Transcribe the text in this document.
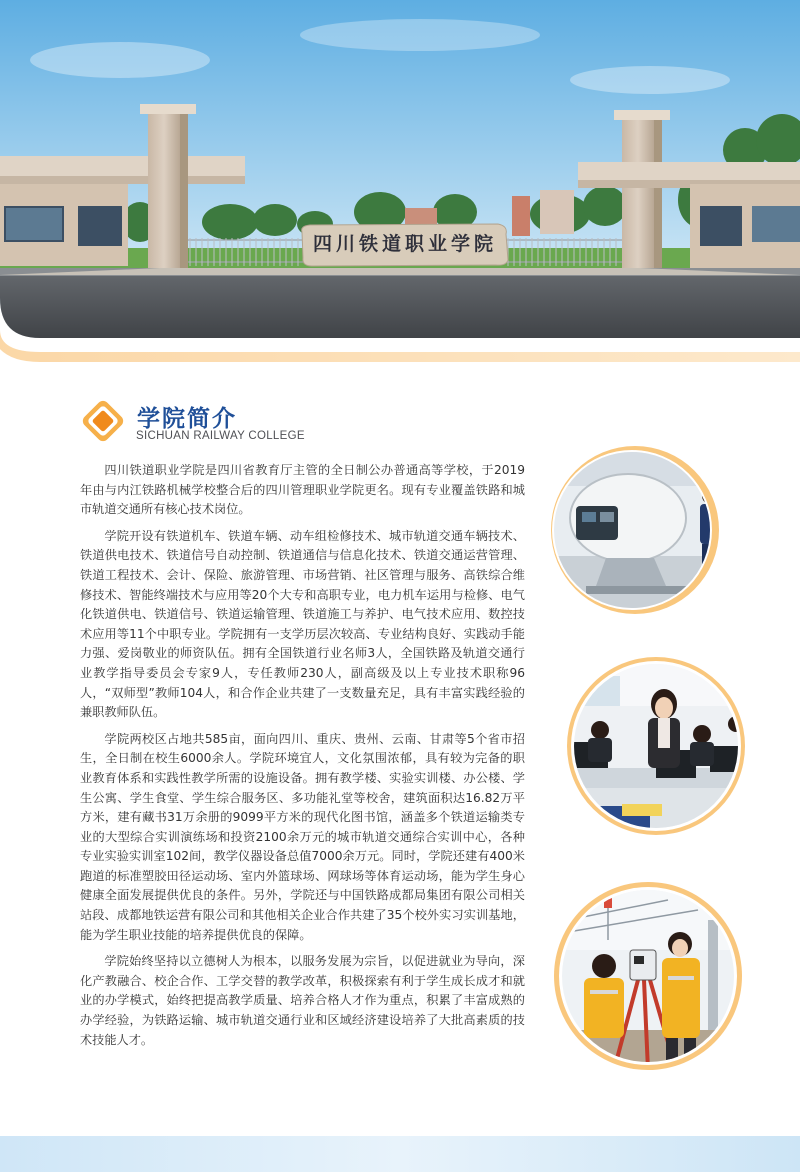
四川铁道职业学院
学院简介
SICHUAN RAILWAY COLLEGE

四川铁道职业学院是四川省教育厅主管的全日制公办普通高等学校，于2019年由与内江铁路机械学校整合后的四川管理职业学院更名。现有专业覆盖铁路和城市轨道交通所有核心技术岗位。

学院开设有铁道机车、铁道车辆、动车组检修技术、城市轨道交通车辆技术、铁道供电技术、铁道信号自动控制、铁道通信与信息化技术、铁道交通运营管理、铁道工程技术、会计、保险、旅游管理、市场营销、社区管理与服务、高铁综合维修技术、智能终端技术与应用等20个大专和高职专业，电力机车运用与检修、电气化铁道供电、铁道信号、铁道运输管理、铁道施工与养护、电气技术应用、数控技术应用等11个中职专业。学院拥有一支学历层次较高、专业结构良好、实践动手能力强、爱岗敬业的师资队伍。拥有全国铁道行业名师3人，全国铁路及轨道交通行业教学指导委员会专家9人，专任教师230人，副高级及以上专业技术职称96人，“双师型”教师104人，和合作企业共建了一支数量充足，具有丰富实践经验的兼职教师队伍。

学院两校区占地共585亩，面向四川、重庆、贵州、云南、甘肃等5个省市招生，全日制在校生6000余人。学院环境宜人，文化氛围浓郁，具有较为完备的职业教育体系和实践性教学所需的设施设备。拥有教学楼、实验实训楼、办公楼、学生公寓、学生食堂、学生综合服务区、多功能礼堂等校舍，建筑面积达16.82万平方米，建有藏书31万余册的9099平方米的现代化图书馆，涵盖多个铁道运输类专业的大型综合实训演练场和投资2100余万元的城市轨道交通综合实训中心，各种专业实验实训室102间，教学仪器设备总值7000余万元。同时，学院还建有400米跑道的标准塑胶田径运动场、室内外篮球场、网球场等体育运动场，能为学生身心健康全面发展提供优良的条件。另外，学院还与中国铁路成都局集团有限公司相关站段、成都地铁运营有限公司和其他相关企业合作共建了35个校外实习实训基地，能为学生职业技能的培养提供优良的保障。

学院始终坚持以立德树人为根本，以服务发展为宗旨，以促进就业为导向，深化产教融合、校企合作、工学交替的教学改革，积极探索有利于学生成长成才和就业的办学模式，始终把提高教学质量、培养合格人才作为重点，积累了丰富成熟的办学经验，为铁路运输、城市轨道交通行业和区域经济建设培养了大批高素质的技术技能人才。
